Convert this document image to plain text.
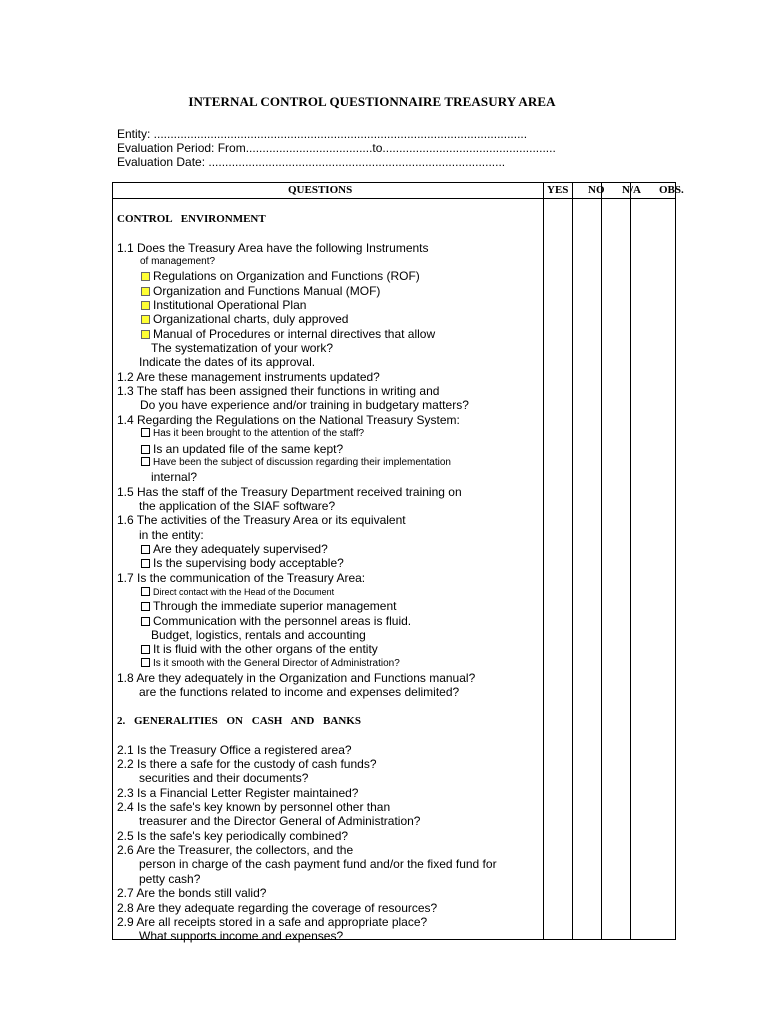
INTERNAL CONTROL QUESTIONNAIRE TREASURY AREA
Entity: ................................................................................................................
Evaluation Period: From......................................to....................................................
Evaluation Date: .........................................................................................
QUESTIONS	YES NO N/A OBS.
CONTROL ENVIRONMENT
1.1 Does the Treasury Area have the following Instruments
of management?
Regulations on Organization and Functions (ROF)
Organization and Functions Manual (MOF)
Institutional Operational Plan
Organizational charts, duly approved
Manual of Procedures or internal directives that allow
The systematization of your work?
Indicate the dates of its approval.
1.2 Are these management instruments updated?
1.3 The staff has been assigned their functions in writing and
Do you have experience and/or training in budgetary matters?
1.4 Regarding the Regulations on the National Treasury System:
Has it been brought to the attention of the staff?
Is an updated file of the same kept?
Have been the subject of discussion regarding their implementation
internal?
1.5 Has the staff of the Treasury Department received training on
the application of the SIAF software?
1.6 The activities of the Treasury Area or its equivalent
in the entity:
Are they adequately supervised?
Is the supervising body acceptable?
1.7 Is the communication of the Treasury Area:
Direct contact with the Head of the Document
Through the immediate superior management
Communication with the personnel areas is fluid.
Budget, logistics, rentals and accounting
It is fluid with the other organs of the entity
Is it smooth with the General Director of Administration?
1.8 Are they adequately in the Organization and Functions manual?
are the functions related to income and expenses delimited?
2. GENERALITIES ON CASH AND BANKS
2.1 Is the Treasury Office a registered area?
2.2 Is there a safe for the custody of cash funds?
securities and their documents?
2.3 Is a Financial Letter Register maintained?
2.4 Is the safe's key known by personnel other than
treasurer and the Director General of Administration?
2.5 Is the safe's key periodically combined?
2.6 Are the Treasurer, the collectors, and the
person in charge of the cash payment fund and/or the fixed fund for
petty cash?
2.7 Are the bonds still valid?
2.8 Are they adequate regarding the coverage of resources?
2.9 Are all receipts stored in a safe and appropriate place?
What supports income and expenses?
